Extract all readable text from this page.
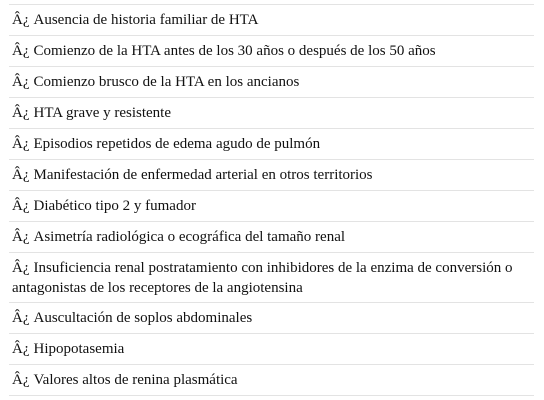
Â¿ Ausencia de historia familiar de HTA
Â¿ Comienzo de la HTA antes de los 30 años o después de los 50 años
Â¿ Comienzo brusco de la HTA en los ancianos
Â¿ HTA grave y resistente
Â¿ Episodios repetidos de edema agudo de pulmón
Â¿ Manifestación de enfermedad arterial en otros territorios
Â¿ Diabético tipo 2 y fumador
Â¿ Asimetría radiológica o ecográfica del tamaño renal
Â¿ Insuficiencia renal postratamiento con inhibidores de la enzima de conversión o antagonistas de los receptores de la angiotensina
Â¿ Auscultación de soplos abdominales
Â¿ Hipopotasemia
Â¿ Valores altos de renina plasmática
